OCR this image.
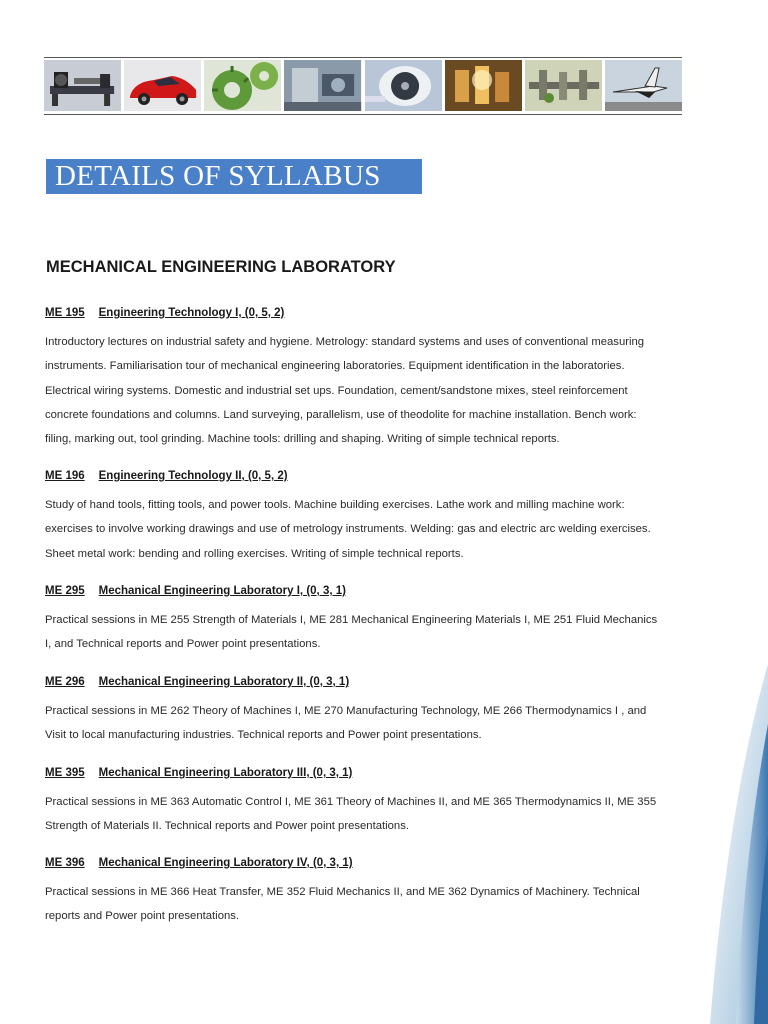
DETAILS OF SYLLABUS
MECHANICAL ENGINEERING LABORATORY
ME 195 Engineering Technology I, (0, 5, 2)
Introductory lectures on industrial safety and hygiene. Metrology: standard systems and uses of conventional measuring
instruments. Familiarisation tour of mechanical engineering laboratories. Equipment identification in the laboratories.
Electrical wiring systems. Domestic and industrial set ups. Foundation, cement/sandstone mixes, steel reinforcement
concrete foundations and columns. Land surveying, parallelism, use of theodolite for machine installation. Bench work:
filing, marking out, tool grinding. Machine tools: drilling and shaping. Writing of simple technical reports.
ME 196 Engineering Technology II, (0, 5, 2)
Study of hand tools, fitting tools, and power tools. Machine building exercises. Lathe work and milling machine work:
exercises to involve working drawings and use of metrology instruments. Welding: gas and electric arc welding exercises.
Sheet metal work: bending and rolling exercises. Writing of simple technical reports.
ME 295 Mechanical Engineering Laboratory I, (0, 3, 1)
Practical sessions in ME 255 Strength of Materials I, ME 281 Mechanical Engineering Materials I, ME 251 Fluid Mechanics
I, and Technical reports and Power point presentations.
ME 296 Mechanical Engineering Laboratory II, (0, 3, 1)
Practical sessions in ME 262 Theory of Machines I, ME 270 Manufacturing Technology, ME 266 Thermodynamics I , and
Visit to local manufacturing industries. Technical reports and Power point presentations.
ME 395 Mechanical Engineering Laboratory III, (0, 3, 1)
Practical sessions in ME 363 Automatic Control I, ME 361 Theory of Machines II, and ME 365 Thermodynamics II, ME 355
Strength of Materials II. Technical reports and Power point presentations.
ME 396 Mechanical Engineering Laboratory IV, (0, 3, 1)
Practical sessions in ME 366 Heat Transfer, ME 352 Fluid Mechanics II, and ME 362 Dynamics of Machinery. Technical
reports and Power point presentations.
